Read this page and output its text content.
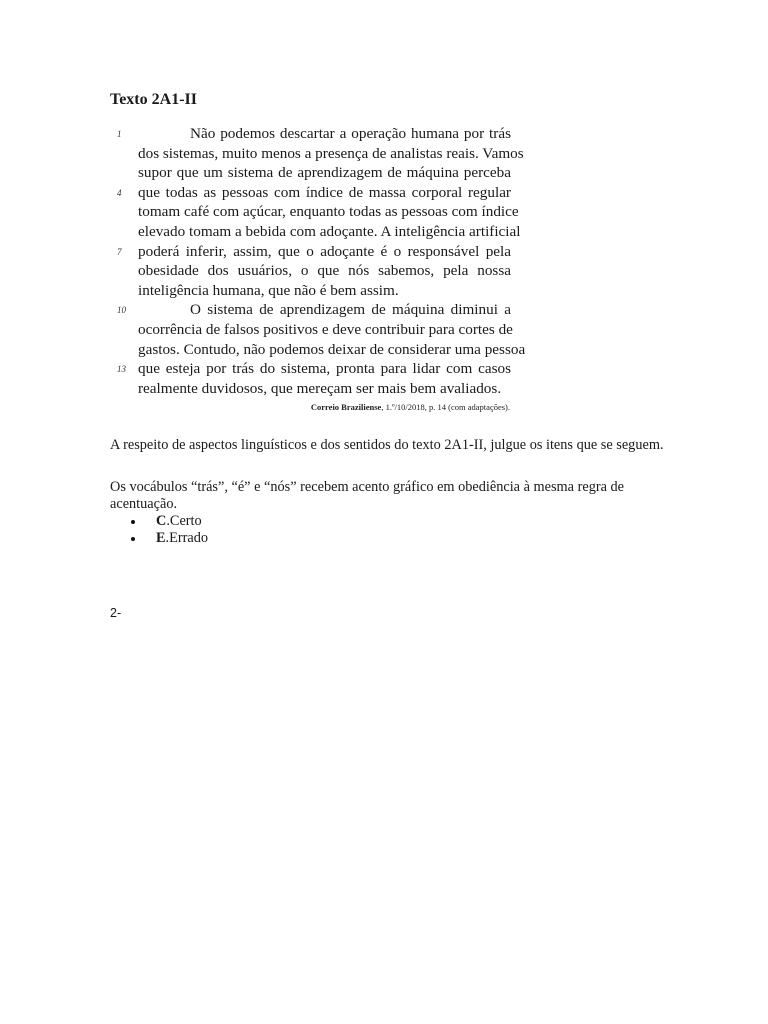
Texto 2A1-II
Não podemos descartar a operação humana por trás
1
dos sistemas, muito menos a presença de analistas reais. Vamos
supor que um sistema de aprendizagem de máquina perceba
que todas as pessoas com índice de massa corporal regular
4
tomam café com açúcar, enquanto todas as pessoas com índice
elevado tomam a bebida com adoçante. A inteligência artificial
poderá inferir, assim, que o adoçante é o responsável pela
7
obesidade dos usuários, o que nós sabemos, pela nossa
inteligência humana, que não é bem assim.
O sistema de aprendizagem de máquina diminui a
10
ocorrência de falsos positivos e deve contribuir para cortes de
gastos. Contudo, não podemos deixar de considerar uma pessoa
que esteja por trás do sistema, pronta para lidar com casos
13
realmente duvidosos, que mereçam ser mais bem avaliados.
Correio Braziliense, 1.º/10/2018, p. 14 (com adaptações).

A respeito de aspectos linguísticos e dos sentidos do texto 2A1-II, julgue os itens que se seguem.

Os vocábulos “trás”, “é” e “nós” recebem acento gráfico em obediência à mesma regra de acentuação.

C.Certo
E.Errado
2-
